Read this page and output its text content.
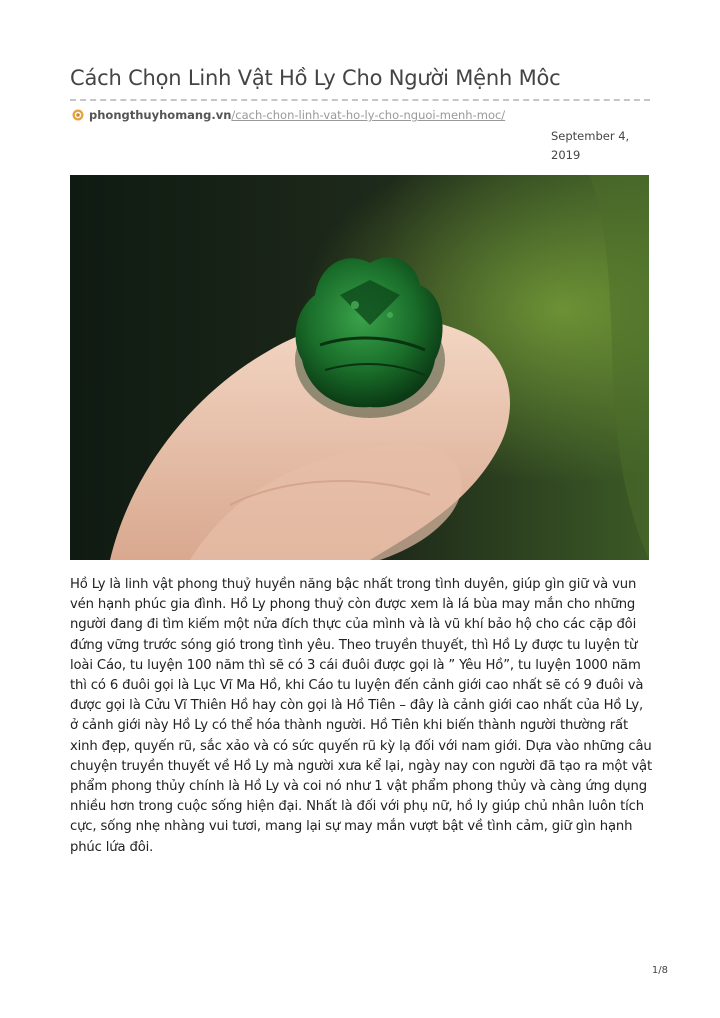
Cách Chọn Linh Vật Hồ Ly Cho Người Mệnh Môc
phongthuyhomang.vn /cach-chon-linh-vat-ho-ly-cho-nguoi-menh-moc/
September 4, 2019

Hồ Ly là linh vật phong thuỷ huyền năng bậc nhất trong tình duyên, giúp gìn giữ và vun vén hạnh phúc gia đình. Hồ Ly phong thuỷ còn được xem là lá bùa may mắn cho những người đang đi tìm kiếm một nửa đích thực của mình và là vũ khí bảo hộ cho các cặp đôi đứng vững trước sóng gió trong tình yêu. Theo truyền thuyết, thì Hồ Ly được tu luyện từ loài Cáo, tu luyện 100 năm thì sẽ có 3 cái đuôi được gọi là ” Yêu Hồ”, tu luyện 1000 năm thì có 6 đuôi gọi là Lục Vĩ Ma Hồ, khi Cáo tu luyện đến cảnh giới cao nhất sẽ có 9 đuôi và được gọi là Cửu Vĩ Thiên Hồ hay còn gọi là Hồ Tiên – đây là cảnh giới cao nhất của Hồ Ly, ở cảnh giới này Hồ Ly có thể hóa thành người. Hồ Tiên khi biến thành người thường rất xinh đẹp, quyến rũ, sắc xảo và có sức quyến rũ kỳ lạ đối với nam giới. Dựa vào những câu chuyện truyền thuyết về Hồ Ly mà người xưa kể lại, ngày nay con người đã tạo ra một vật phẩm phong thủy chính là Hồ Ly và coi nó như 1 vật phẩm phong thủy và càng ứng dụng nhiều hơn trong cuộc sống hiện đại. Nhất là đối với phụ nữ, hồ ly giúp chủ nhân luôn tích cực, sống nhẹ nhàng vui tươi, mang lại sự may mắn vượt bật về tình cảm, giữ gìn hạnh phúc lứa đôi.

1/8
